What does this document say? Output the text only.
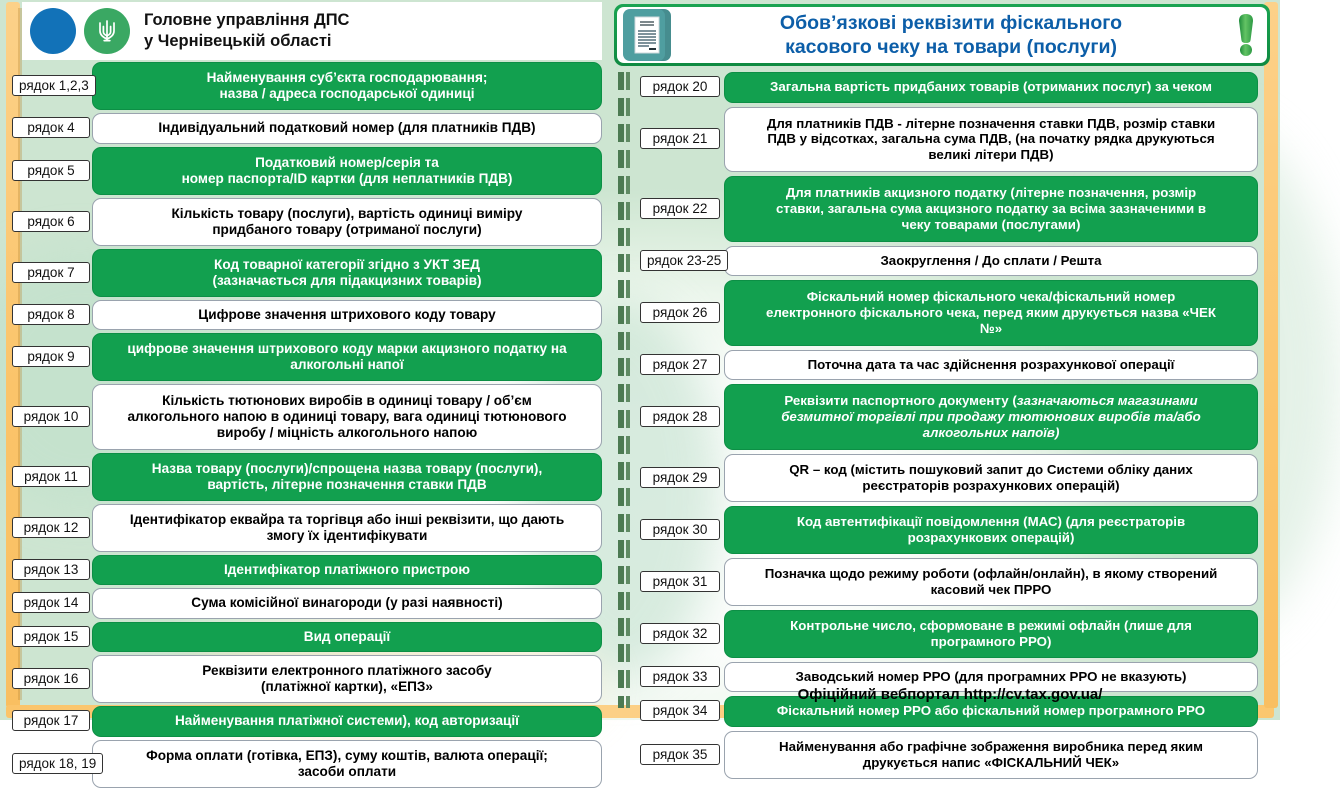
Головне управління ДПС
у Чернівецькій області
Обов’язкові реквізити фіскального
касового чеку на товари (послуги)
Найменування суб’єкта господарювання;
назва / адреса господарської одиниці
рядок 1,2,3
Індивідуальний податковий номер (для платників ПДВ)
рядок 4
Податковий номер/серія та
номер паспорта/ID картки (для неплатників ПДВ)
рядок 5
Кількість товару (послуги), вартість одиниці виміру
придбаного товару (отриманої послуги)
рядок 6
Код товарної категорії згідно з УКТ ЗЕД
(зазначається для підакцизних товарів)
рядок 7
Цифрове значення штрихового коду товару
рядок 8
цифрове значення штрихового коду марки акцизного податку на
алкогольні напої
рядок 9
Кількість тютюнових виробів в одиниці товару / об’єм
алкогольного напою в одиниці товару, вага одиниці тютюнового
виробу / міцність алкогольного напою
рядок 10
Назва товару (послуги)/спрощена назва товару (послуги),
вартість, літерне позначення ставки ПДВ
рядок 11
Ідентифікатор еквайра та торгівця або інші реквізити, що дають
змогу їх ідентифікувати
рядок 12
Ідентифікатор платіжного пристрою
рядок 13
Сума комісійної винагороди (у разі наявності)
рядок 14
Вид операції
рядок 15
Реквізити електронного платіжного засобу
(платіжної картки), «ЕПЗ»
рядок 16
Найменування платіжної системи), код авторизації
рядок 17
Форма оплати (готівка, ЕПЗ), суму коштів, валюта операції;
засоби оплати
рядок 18, 19
Загальна вартість придбаних товарів (отриманих послуг) за чеком
рядок 20
Для платників ПДВ - літерне позначення ставки ПДВ, розмір ставки
ПДВ у відсотках, загальна сума ПДВ, (на початку рядка друкуються
великі літери ПДВ)
рядок 21
Для платників акцизного податку (літерне позначення, розмір
ставки, загальна сума акцизного податку за всіма зазначеними в
чеку товарами (послугами)
рядок 22
Заокруглення / До сплати / Решта
рядок 23-25
Фіскальний номер фіскального чека/фіскальний номер
електронного фіскального чека, перед яким друкується назва «ЧЕК
№»
рядок 26
Поточна дата та час здійснення розрахункової операції
рядок 27
Реквізити паспортного документу (зазначаються магазинами
безмитної торгівлі при продажу тютюнових виробів та/або
алкогольних напоїв)
рядок 28
QR – код (містить пошуковий запит до Системи обліку даних
реєстраторів розрахункових операцій)
рядок 29
Код автентифікації повідомлення (МАС) (для реєстраторів
розрахункових операцій)
рядок 30
Позначка щодо режиму роботи (офлайн/онлайн), в якому створений
касовий чек ПРРО
рядок 31
Контрольне число, сформоване в режимі офлайн (лише для
програмного РРО)
рядок 32
Заводський номер РРО (для програмних РРО не вказують)
рядок 33
Фіскальний номер РРО або фіскальний номер програмного РРО
рядок 34
Найменування або графічне зображення виробника перед яким
друкується напис «ФІСКАЛЬНИЙ ЧЕК»
рядок 35
Офіційний вебпортал http://cv.tax.gov.ua/
